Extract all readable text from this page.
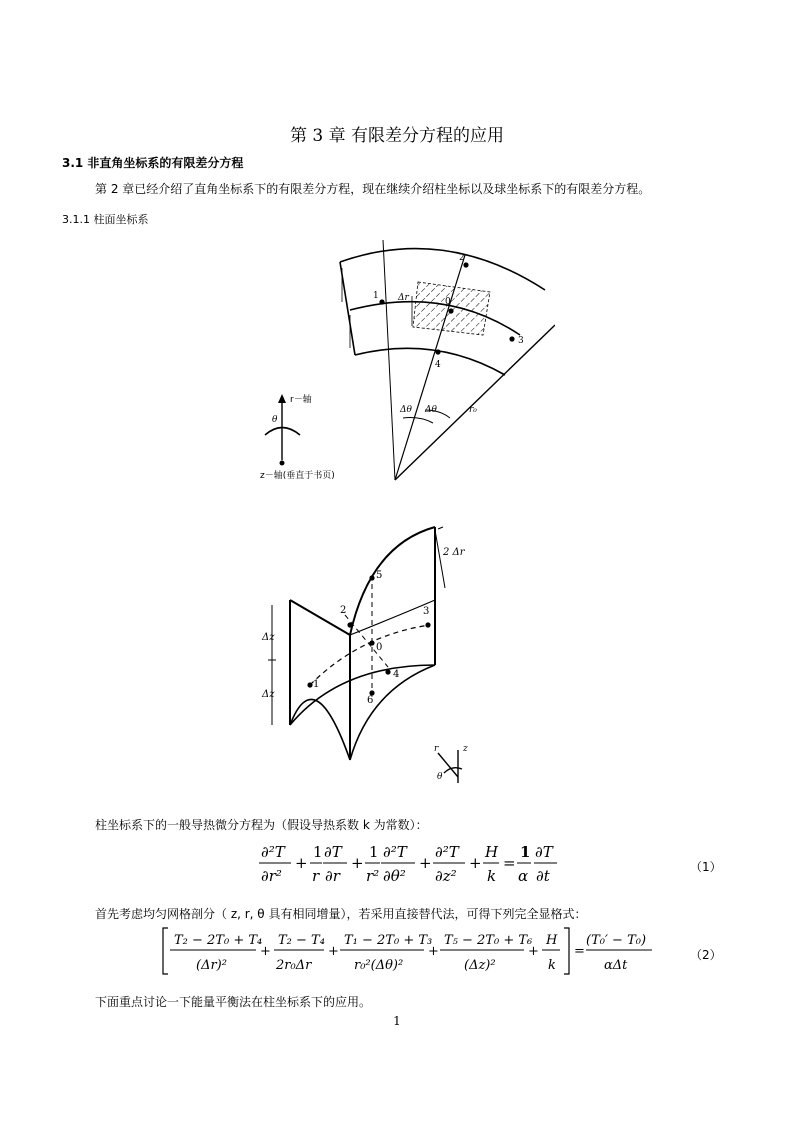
第 3 章 有限差分方程的应用
3.1 非直角坐标系的有限差分方程
第 2 章已经介绍了直角坐标系下的有限差分方程，现在继续介绍柱坐标以及球坐标系下的有限差分方程。
3.1.1 柱面坐标系
1
2
3
4
0
Δr
Δθ Δθ	r₀
r－轴
θ
z－轴(垂直于书页)
5
2	3
0
4
1
6
2 Δr
Δz
Δz
z
r
θ
柱坐标系下的一般导热微分方程为（假设导热系数 k 为常数）：
∂²T
∂r²
+
1
r
∂T
∂r
+
1
r²
∂²T
∂θ²
+
∂²T
∂z²
+
H
k
=
1
α
∂T
∂t	（1）
首先考虑均匀网格剖分（ z, r, θ 具有相同增量），若采用直接替代法，可得下列完全显格式：
T₂ − 2T₀ + T₄
(Δr)²
+
T₂ − T₄
2r₀Δr
+
T₁ − 2T₀ + T₃
r₀²(Δθ)²
+
T₅ − 2T₀ + T₆
(Δz)²
+
H
k
=
(T₀′ − T₀)
αΔt
（2）
下面重点讨论一下能量平衡法在柱坐标系下的应用。
1
